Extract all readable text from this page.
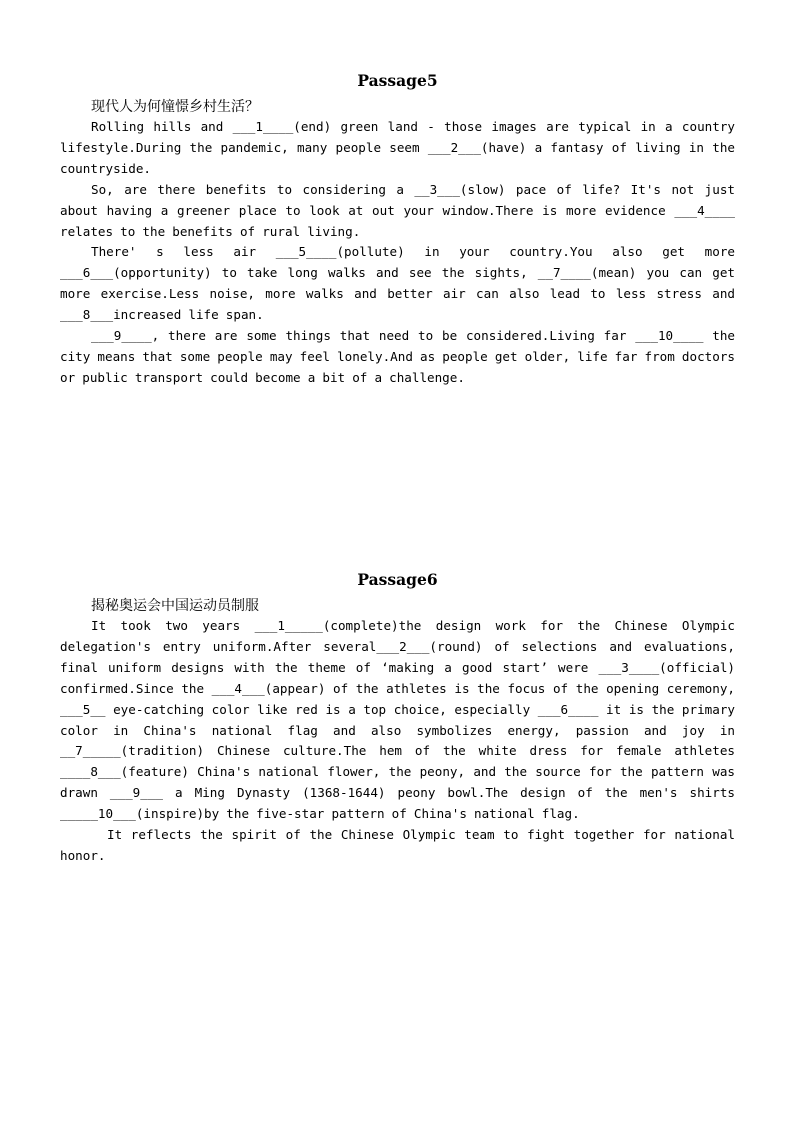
Passage5
现代人为何憧憬乡村生活？

Rolling hills and ___1____(end) green land - those images are typical in a country lifestyle.During the pandemic, many people seem ___2___(have) a fantasy of living in the countryside.

So, are there benefits to considering a __3___(slow) pace of life? It's not just about having a greener place to look at out your window.There is more evidence ___4____ relates to the benefits of rural living.

There' s less air ___5____(pollute) in your country.You also get more ___6___(opportunity) to take long walks and see the sights, __7____(mean) you can get more exercise.Less noise, more walks and better air can also lead to less stress and ___8___increased life span.

___9____, there are some things that need to be considered.Living far ___10____ the city means that some people may feel lonely.And as people get older, life far from doctors or public transport could become a bit of a challenge.

Passage6
揭秘奥运会中国运动员制服

It took two years ___1_____(complete)the design work for the Chinese Olympic delegation's entry uniform.After several___2___(round) of selections and evaluations, final uniform designs with the theme of ‘making a good start’ were ___3____(official) confirmed.Since the ___4___(appear) of the athletes is the focus of the opening ceremony, ___5__ eye-catching color like red is a top choice, especially ___6____ it is the primary color in China's national flag and also symbolizes energy, passion and joy in __7_____(tradition) Chinese culture.The hem of the white dress for female athletes ____8___(feature) China's national flower, the peony, and the source for the pattern was drawn ___9___ a Ming Dynasty (1368-1644) peony bowl.The design of the men's shirts _____10___(inspire)by the five-star pattern of China's national flag.

It reflects the spirit of the Chinese Olympic team to fight together for national honor.
